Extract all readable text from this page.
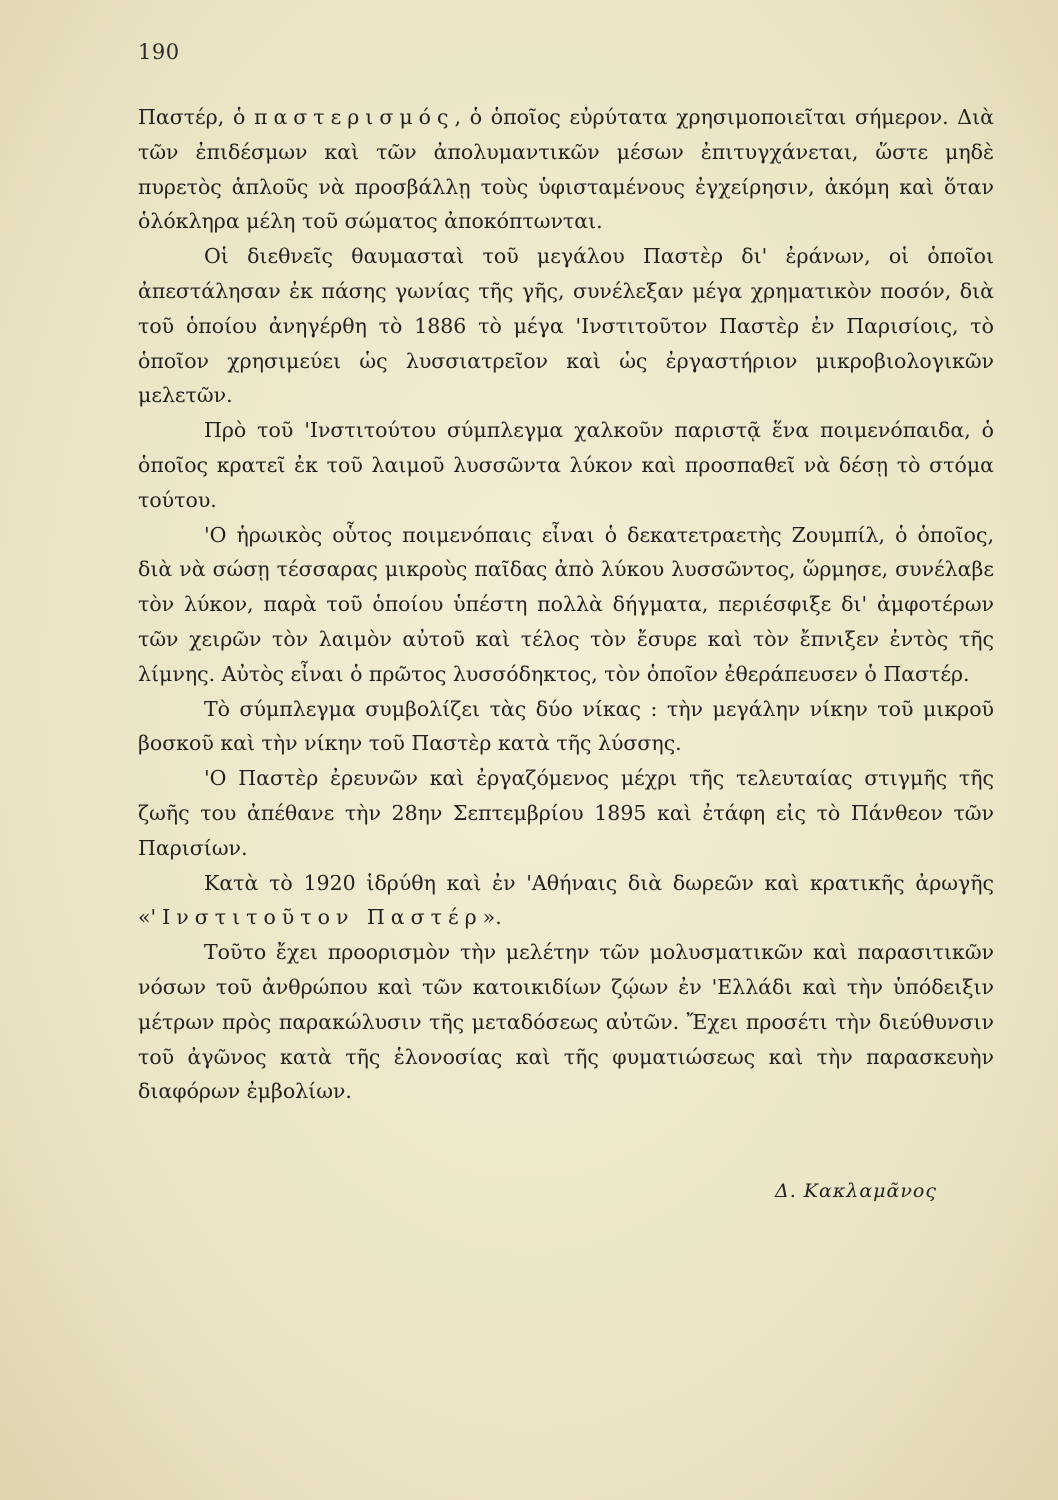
190

Παστέρ, ὁ παστερισμός, ὁ ὁποῖος εὐρύτατα χρησιμοποιεῖται σήμερον. Διὰ τῶν ἐπιδέσμων καὶ τῶν ἀπολυμαντικῶν μέσων ἐπιτυγχάνεται, ὥστε μηδὲ πυρετὸς ἁπλοῦς νὰ προσβάλλῃ τοὺς ὑφισταμένους ἐγχείρησιν, ἀκόμη καὶ ὅταν ὁλόκληρα μέλη τοῦ σώματος ἀποκόπτωνται.

Οἱ διεθνεῖς θαυμασταὶ τοῦ μεγάλου Παστὲρ δι' ἐράνων, οἱ ὁποῖοι ἀπεστάλησαν ἐκ πάσης γωνίας τῆς γῆς, συνέλεξαν μέγα χρηματικὸν ποσόν, διὰ τοῦ ὁποίου ἀνηγέρθη τὸ 1886 τὸ μέγα 'Ινστιτοῦτον Παστὲρ ἐν Παρισίοις, τὸ ὁποῖον χρησιμεύει ὡς λυσσιατρεῖον καὶ ὡς ἐργαστήριον μικροβιολογικῶν μελετῶν.

Πρὸ τοῦ 'Ινστιτούτου σύμπλεγμα χαλκοῦν παριστᾷ ἕνα ποιμενόπαιδα, ὁ ὁποῖος κρατεῖ ἐκ τοῦ λαιμοῦ λυσσῶντα λύκον καὶ προσπαθεῖ νὰ δέσῃ τὸ στόμα τούτου.

'Ο ἡρωικὸς οὗτος ποιμενόπαις εἶναι ὁ δεκατετραετὴς Ζουμπίλ, ὁ ὁποῖος, διὰ νὰ σώσῃ τέσσαρας μικροὺς παῖδας ἀπὸ λύκου λυσσῶντος, ὥρμησε, συνέλαβε τὸν λύκον, παρὰ τοῦ ὁποίου ὑπέστη πολλὰ δήγματα, περιέσφιξε δι' ἀμφοτέρων τῶν χειρῶν τὸν λαιμὸν αὐτοῦ καὶ τέλος τὸν ἔσυρε καὶ τὸν ἔπνιξεν ἐντὸς τῆς λίμνης. Αὐτὸς εἶναι ὁ πρῶτος λυσσόδηκτος, τὸν ὁποῖον ἐθεράπευσεν ὁ Παστέρ.

Τὸ σύμπλεγμα συμβολίζει τὰς δύο νίκας : τὴν μεγάλην νίκην τοῦ μικροῦ βοσκοῦ καὶ τὴν νίκην τοῦ Παστὲρ κατὰ τῆς λύσσης.

'Ο Παστὲρ ἐρευνῶν καὶ ἐργαζόμενος μέχρι τῆς τελευταίας στιγμῆς τῆς ζωῆς του ἀπέθανε τὴν 28ην Σεπτεμβρίου 1895 καὶ ἐτάφη εἰς τὸ Πάνθεον τῶν Παρισίων.

Κατὰ τὸ 1920 ἱδρύθη καὶ ἐν 'Αθήναις διὰ δωρεῶν καὶ κρατικῆς ἀρωγῆς «'Ινστιτοῦτον Παστέρ».

Τοῦτο ἔχει προορισμὸν τὴν μελέτην τῶν μολυσματικῶν καὶ παρασιτικῶν νόσων τοῦ ἀνθρώπου καὶ τῶν κατοικιδίων ζῴων ἐν 'Ελλάδι καὶ τὴν ὑπόδειξιν μέτρων πρὸς παρακώλυσιν τῆς μεταδόσεως αὐτῶν. Ἔχει προσέτι τὴν διεύθυνσιν τοῦ ἀγῶνος κατὰ τῆς ἑλονοσίας καὶ τῆς φυματιώσεως καὶ τὴν παρασκευὴν διαφόρων ἐμβολίων.

Δ. Κακλαμᾶνος
